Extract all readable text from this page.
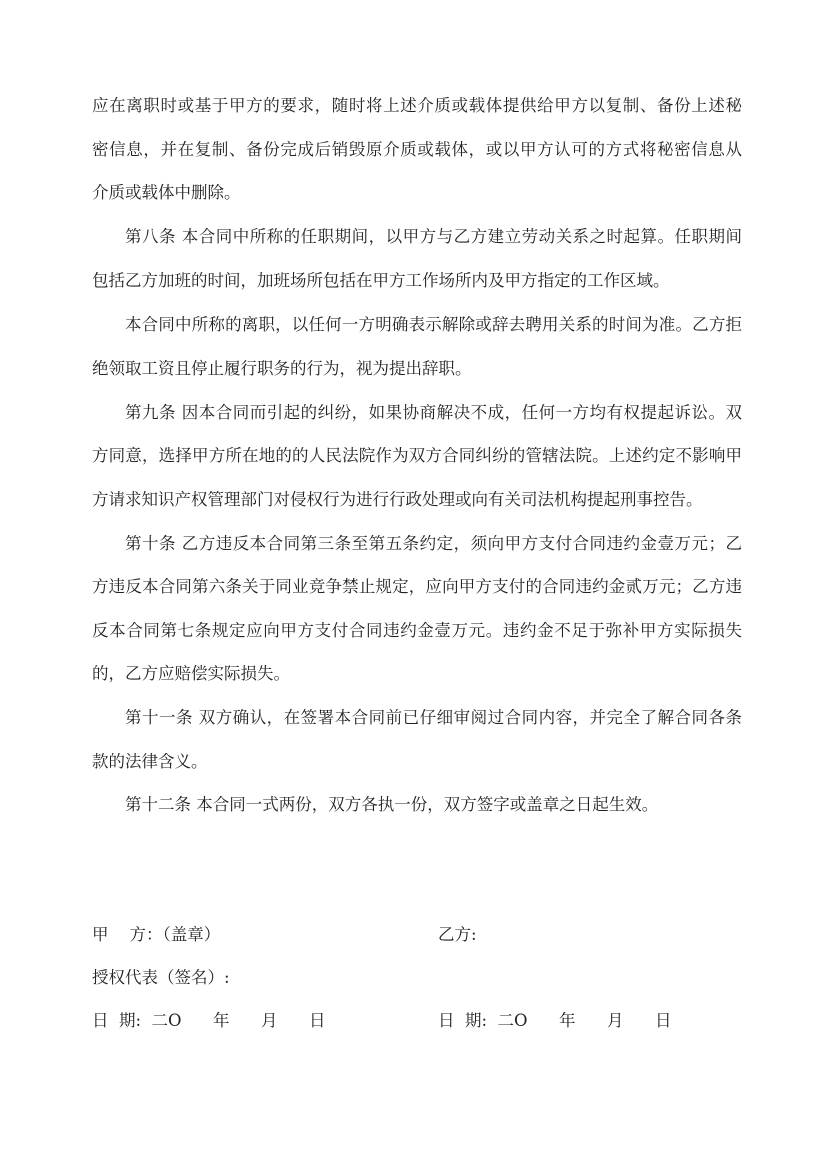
应在离职时或基于甲方的要求，随时将上述介质或载体提供给甲方以复制、备份上述秘
密信息，并在复制、备份完成后销毁原介质或载体，或以甲方认可的方式将秘密信息从
介质或载体中删除。
第八条 本合同中所称的任职期间，以甲方与乙方建立劳动关系之时起算。任职期间
包括乙方加班的时间，加班场所包括在甲方工作场所内及甲方指定的工作区域。
本合同中所称的离职，以任何一方明确表示解除或辞去聘用关系的时间为准。乙方拒
绝领取工资且停止履行职务的行为，视为提出辞职。
第九条 因本合同而引起的纠纷，如果协商解决不成，任何一方均有权提起诉讼。双
方同意，选择甲方所在地的的人民法院作为双方合同纠纷的管辖法院。上述约定不影响甲
方请求知识产权管理部门对侵权行为进行行政处理或向有关司法机构提起刑事控告。
第十条 乙方违反本合同第三条至第五条约定，须向甲方支付合同违约金壹万元；乙
方违反本合同第六条关于同业竞争禁止规定，应向甲方支付的合同违约金贰万元；乙方违
反本合同第七条规定应向甲方支付合同违约金壹万元。违约金不足于弥补甲方实际损失
的，乙方应赔偿实际损失。
第十一条 双方确认，在签署本合同前已仔细审阅过合同内容，并完全了解合同各条
款的法律含义。
第十二条 本合同一式两份，双方各执一份，双方签字或盖章之日起生效。
甲    方：（盖章）	乙方:
授权代表（签名）:
日  期:  二O      年      月      日	日  期:  二O      年      月      日
